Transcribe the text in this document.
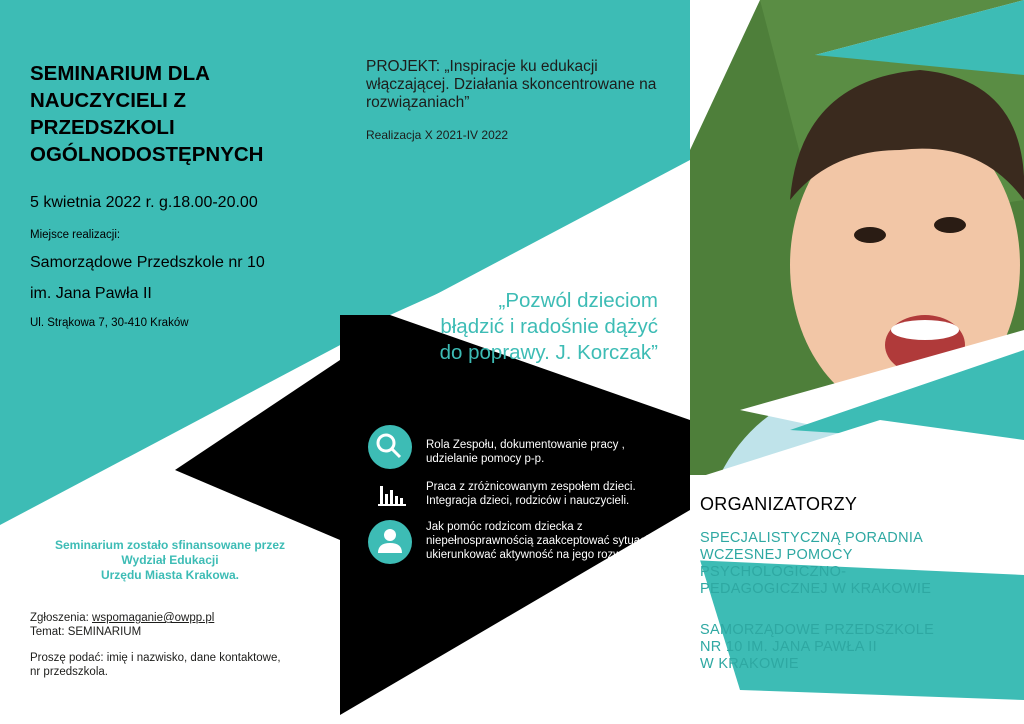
SEMINARIUM DLA
NAUCZYCIELI Z
PRZEDSZKOLI
OGÓLNODOSTĘPNYCH
5 kwietnia 2022 r. g.18.00-20.00
Miejsce realizacji:
Samorządowe Przedszkole nr 10
im. Jana Pawła II
Ul. Strąkowa 7, 30-410 Kraków
PROJEKT: „Inspiracje ku edukacji włączającej. Działania skoncentrowane na rozwiązaniach”
Realizacja X 2021-IV 2022
„Pozwól dzieciom
błądzić i radośnie dążyć
do poprawy. J. Korczak”
Rola Zespołu, dokumentowanie pracy , udzielanie pomocy p-p.
Praca z zróżnicowanym zespołem dzieci. Integracja dzieci, rodziców i nauczycieli.
Jak pomóc rodzicom dziecka z niepełnosprawnością zaakceptować sytuację i ukierunkować aktywność na jego rozwój?
Seminarium zostało sfinansowane przez
Wydział Edukacji
Urzędu Miasta Krakowa.
Zgłoszenia: wspomaganie@owpp.pl
Temat: SEMINARIUM
Proszę podać: imię i nazwisko, dane kontaktowe,
nr przedszkola.
ORGANIZATORZY
SPECJALISTYCZNĄ PORADNIA
WCZESNEJ POMOCY
PSYCHOLOGICZNO-
PEDAGOGICZNEJ W KRAKOWIE
SAMORZĄDOWE PRZEDSZKOLE
NR 10 IM. JANA PAWŁA II
W KRAKOWIE
